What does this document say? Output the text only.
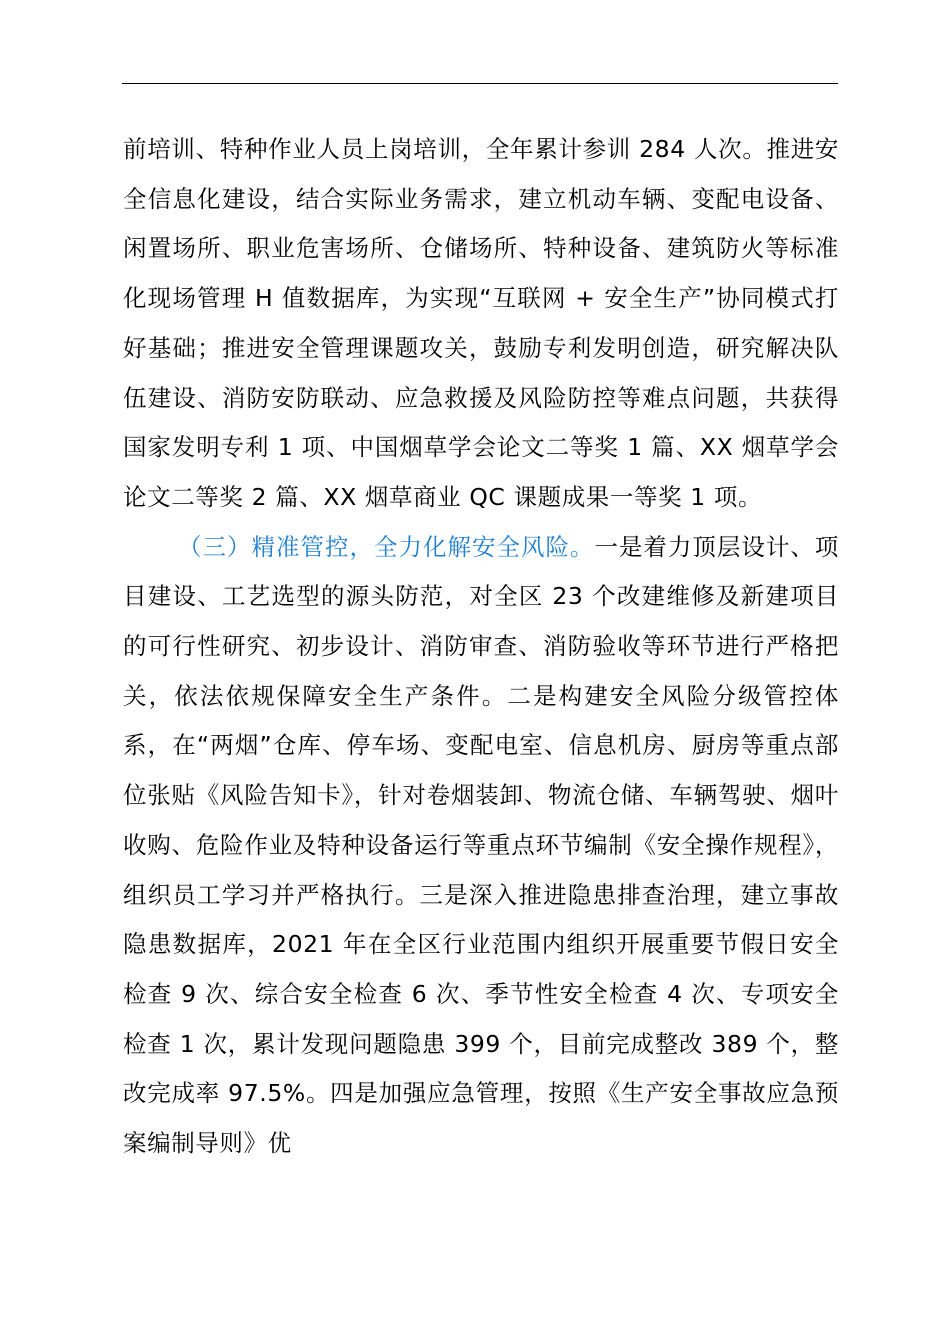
前培训、特种作业人员上岗培训，全年累计参训 284 人次。推进安全信息化建设，结合实际业务需求，建立机动车辆、变配电设备、闲置场所、职业危害场所、仓储场所、特种设备、建筑防火等标准化现场管理 H 值数据库，为实现“互联网 + 安全生产”协同模式打好基础；推进安全管理课题攻关，鼓励专利发明创造，研究解决队伍建设、消防安防联动、应急救援及风险防控等难点问题，共获得国家发明专利 1 项、中国烟草学会论文二等奖 1 篇、XX 烟草学会论文二等奖 2 篇、XX 烟草商业 QC 课题成果一等奖 1 项。

（三）精准管控，全力化解安全风险。一是着力顶层设计、项目建设、工艺选型的源头防范，对全区 23 个改建维修及新建项目的可行性研究、初步设计、消防审查、消防验收等环节进行严格把关，依法依规保障安全生产条件。二是构建安全风险分级管控体系，在“两烟”仓库、停车场、变配电室、信息机房、厨房等重点部位张贴《风险告知卡》，针对卷烟装卸、物流仓储、车辆驾驶、烟叶收购、危险作业及特种设备运行等重点环节编制《安全操作规程》，组织员工学习并严格执行。三是深入推进隐患排查治理，建立事故隐患数据库，2021 年在全区行业范围内组织开展重要节假日安全检查 9 次、综合安全检查 6 次、季节性安全检查 4 次、专项安全检查 1 次，累计发现问题隐患 399 个，目前完成整改 389 个，整改完成率 97.5%。四是加强应急管理，按照《生产安全事故应急预案编制导则》优
